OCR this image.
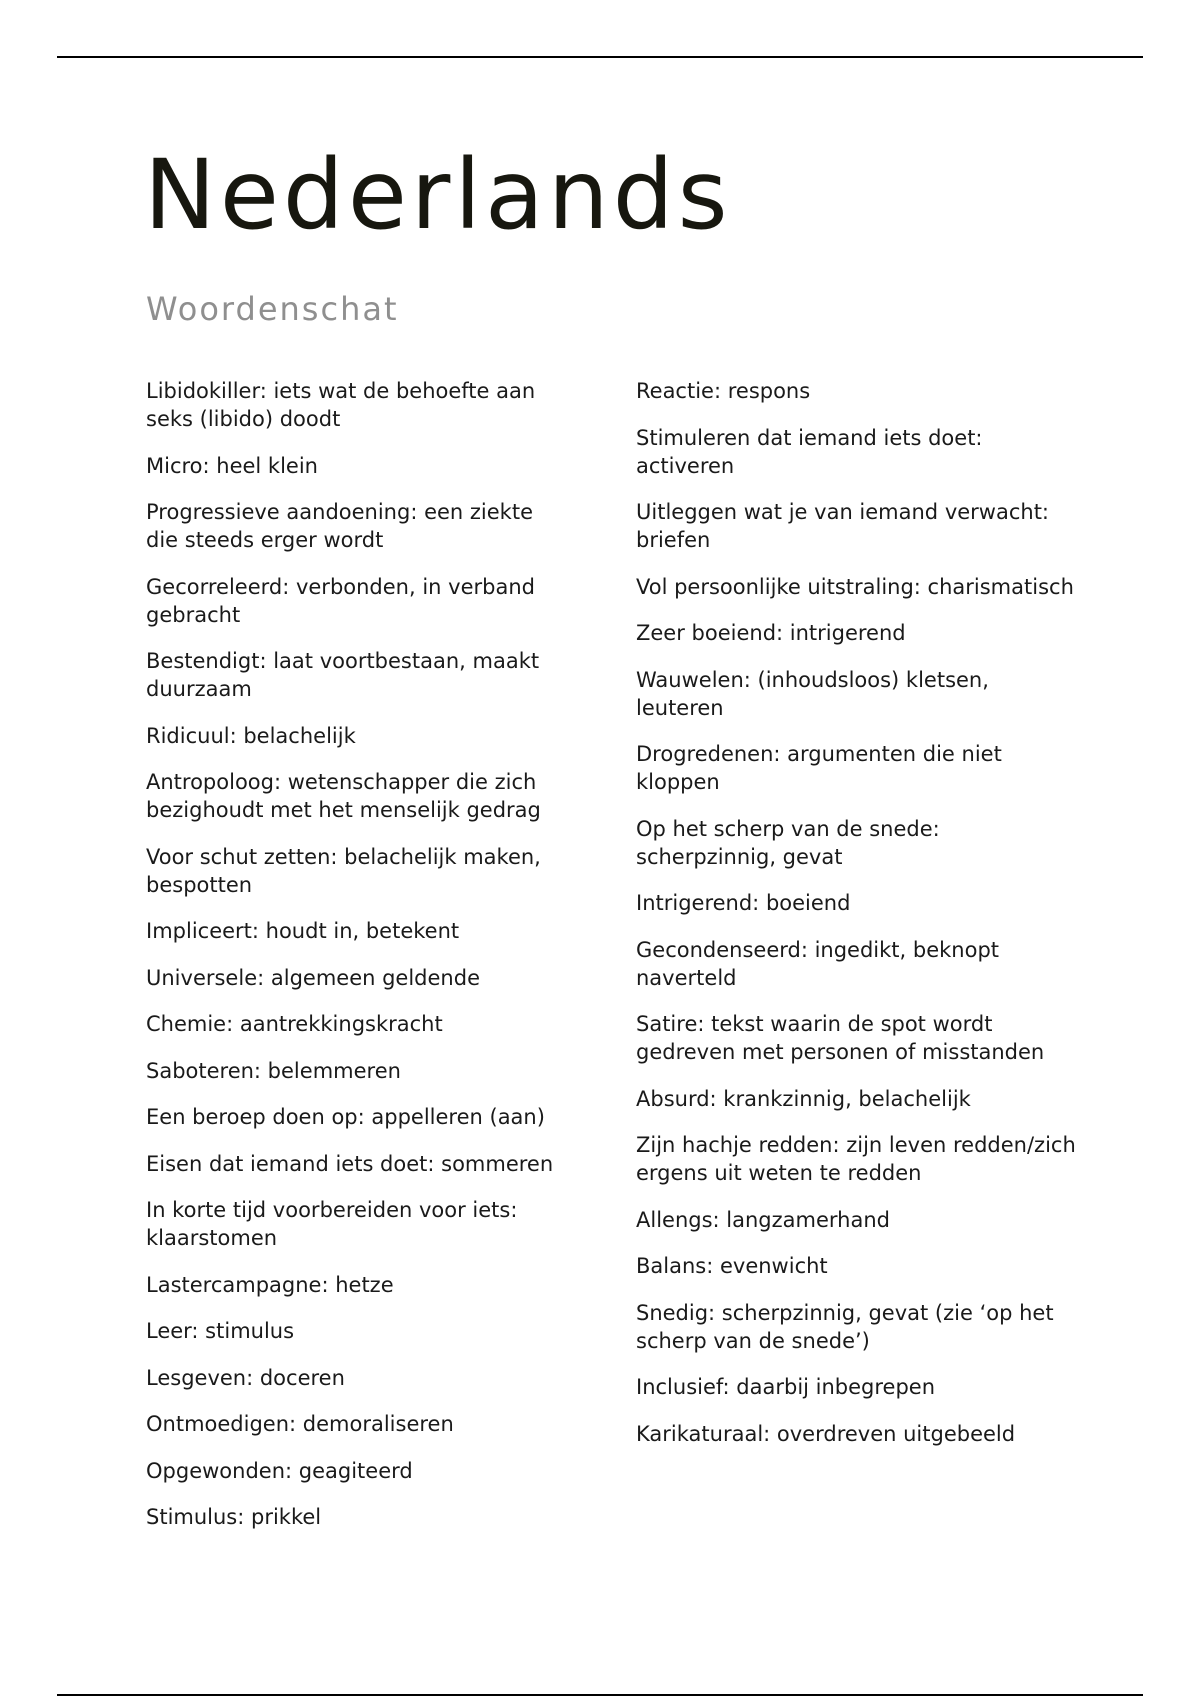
Nederlands
Woordenschat
Libidokiller: iets wat de behoefte aan seks (libido) doodt
Micro: heel klein
Progressieve aandoening: een ziekte die steeds erger wordt
Gecorreleerd: verbonden, in verband gebracht
Bestendigt: laat voortbestaan, maakt duurzaam
Ridicuul: belachelijk
Antropoloog: wetenschapper die zich bezighoudt met het menselijk gedrag
Voor schut zetten: belachelijk maken, bespotten
Impliceert: houdt in, betekent
Universele: algemeen geldende
Chemie: aantrekkingskracht
Saboteren: belemmeren
Een beroep doen op: appelleren (aan)
Eisen dat iemand iets doet: sommeren
In korte tijd voorbereiden voor iets: klaarstomen
Lastercampagne: hetze
Leer: stimulus
Lesgeven: doceren
Ontmoedigen: demoraliseren
Opgewonden: geagiteerd
Stimulus: prikkel
Reactie: respons
Stimuleren dat iemand iets doet: activeren
Uitleggen wat je van iemand verwacht: briefen
Vol persoonlijke uitstraling: charismatisch
Zeer boeiend: intrigerend
Wauwelen: (inhoudsloos) kletsen, leuteren
Drogredenen: argumenten die niet kloppen
Op het scherp van de snede: scherpzinnig, gevat
Intrigerend: boeiend
Gecondenseerd: ingedikt, beknopt naverteld
Satire: tekst waarin de spot wordt gedreven met personen of misstanden
Absurd: krankzinnig, belachelijk
Zijn hachje redden: zijn leven redden/zich ergens uit weten te redden
Allengs: langzamerhand
Balans: evenwicht
Snedig: scherpzinnig, gevat (zie ‘op het scherp van de snede’)
Inclusief: daarbij inbegrepen
Karikaturaal: overdreven uitgebeeld
